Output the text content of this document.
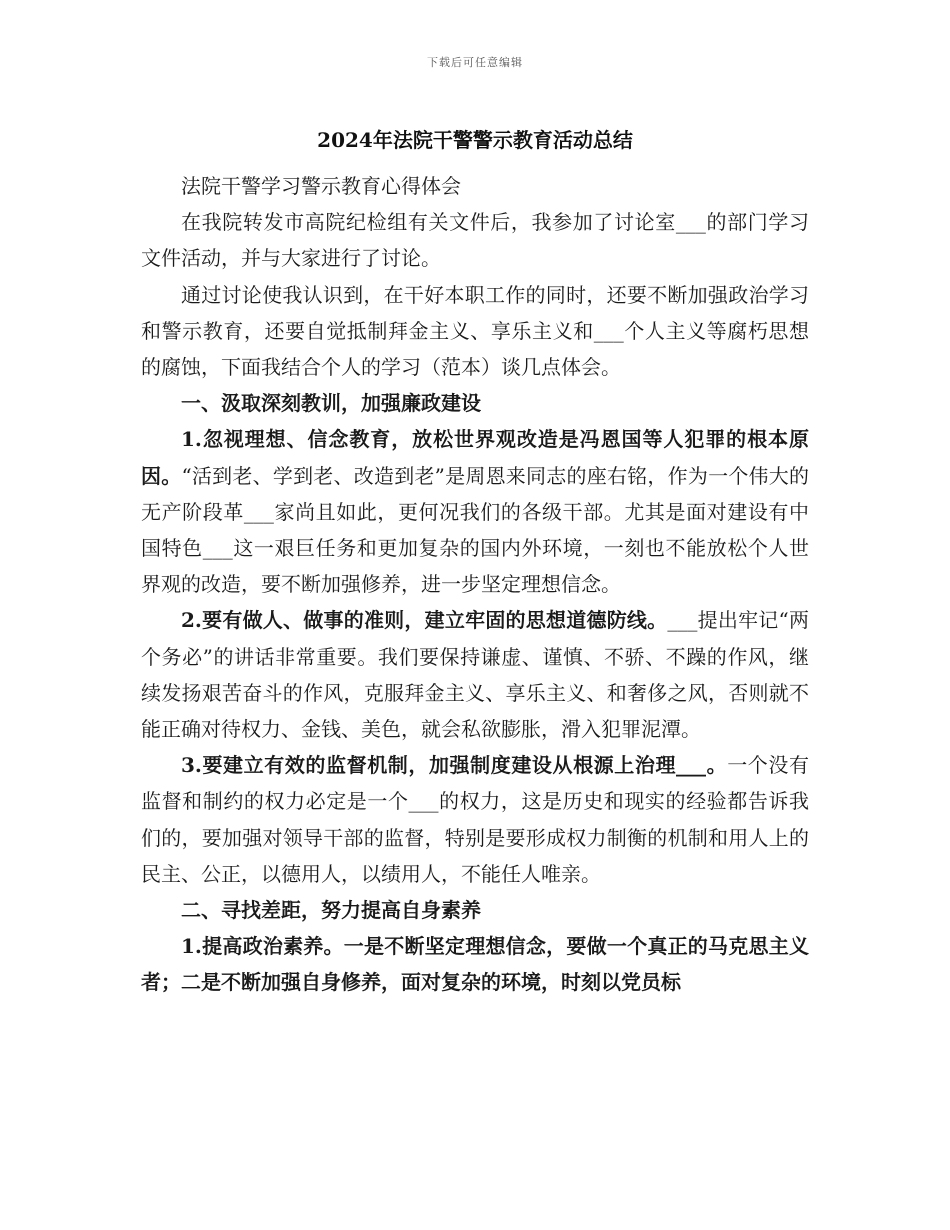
下载后可任意编辑
2024年法院干警警示教育活动总结

法院干警学习警示教育心得体会

在我院转发市高院纪检组有关文件后，我参加了讨论室___的部门学习文件活动，并与大家进行了讨论。

通过讨论使我认识到，在干好本职工作的同时，还要不断加强政治学习和警示教育，还要自觉抵制拜金主义、享乐主义和___个人主义等腐朽思想的腐蚀，下面我结合个人的学习（范本）谈几点体会。

一、汲取深刻教训，加强廉政建设

1.忽视理想、信念教育，放松世界观改造是冯恩国等人犯罪的根本原因。“活到老、学到老、改造到老”是周恩来同志的座右铭，作为一个伟大的无产阶段革___家尚且如此，更何况我们的各级干部。尤其是面对建设有中国特色___这一艰巨任务和更加复杂的国内外环境，一刻也不能放松个人世界观的改造，要不断加强修养，进一步坚定理想信念。

2.要有做人、做事的准则，建立牢固的思想道德防线。___提出牢记“两个务必”的讲话非常重要。我们要保持谦虚、谨慎、不骄、不躁的作风，继续发扬艰苦奋斗的作风，克服拜金主义、享乐主义、和奢侈之风，否则就不能正确对待权力、金钱、美色，就会私欲膨胀，滑入犯罪泥潭。

3.要建立有效的监督机制，加强制度建设从根源上治理___。一个没有监督和制约的权力必定是一个___的权力，这是历史和现实的经验都告诉我们的，要加强对领导干部的监督，特别是要形成权力制衡的机制和用人上的民主、公正，以德用人，以绩用人，不能任人唯亲。

二、寻找差距，努力提高自身素养

1.提高政治素养。一是不断坚定理想信念，要做一个真正的马克思主义者；二是不断加强自身修养，面对复杂的环境，时刻以党员标
